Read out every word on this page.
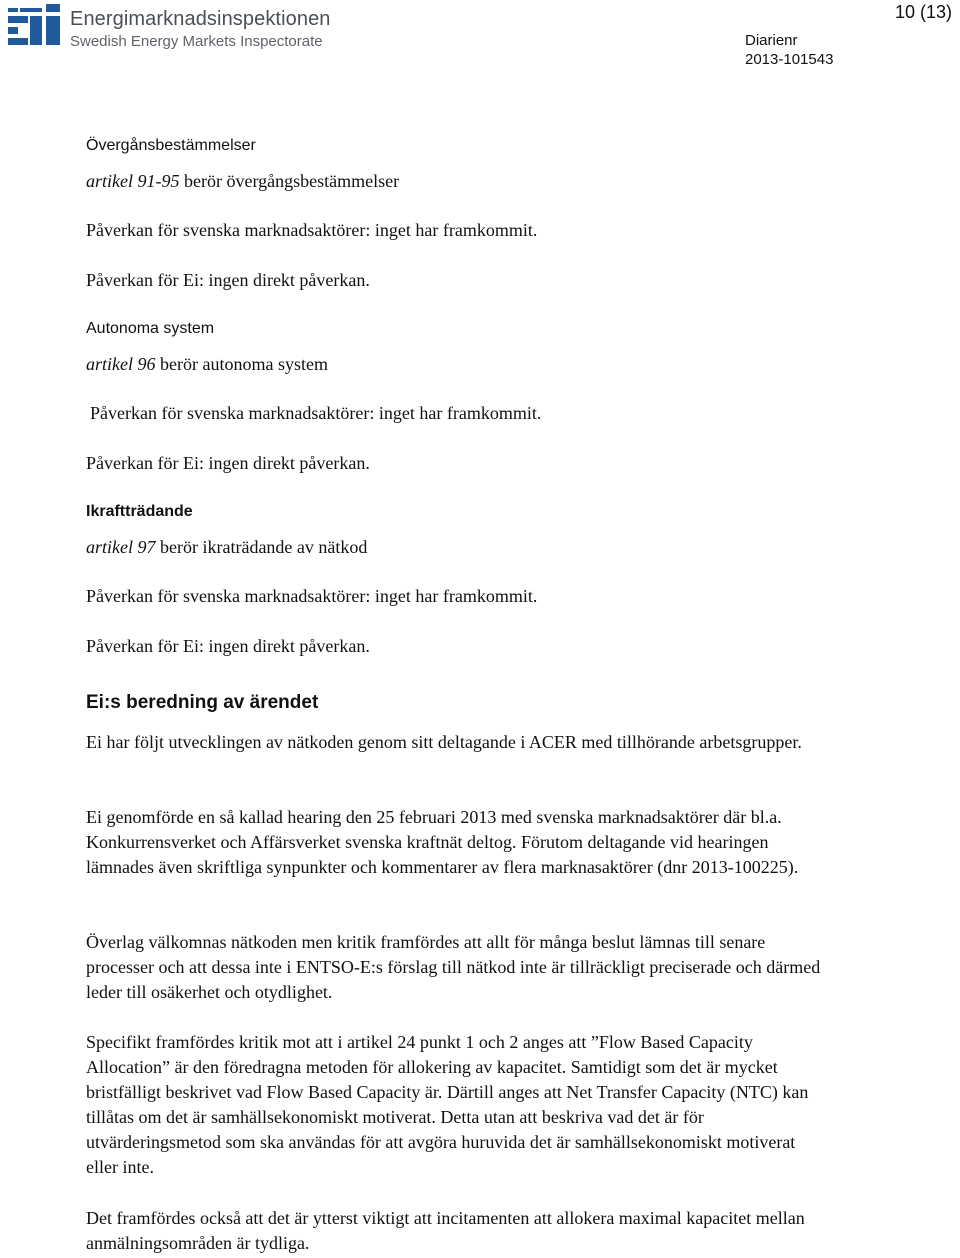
Energimarknadsinspektionen
Swedish Energy Markets Inspectorate
10 (13)
Diarienr
2013-101543
Övergånsbestämmelser
artikel 91-95 berör övergångsbestämmelser
Påverkan för svenska marknadsaktörer: inget har framkommit.
Påverkan för Ei: ingen direkt påverkan.
Autonoma system
artikel 96 berör autonoma system
Påverkan för svenska marknadsaktörer: inget har framkommit.
Påverkan för Ei: ingen direkt påverkan.
Ikraftträdande
artikel 97 berör ikraträdande av nätkod
Påverkan för svenska marknadsaktörer: inget har framkommit.
Påverkan för Ei: ingen direkt påverkan.
Ei:s beredning av ärendet
Ei har följt utvecklingen av nätkoden genom sitt deltagande i ACER med tillhörande arbetsgrupper.
Ei genomförde en så kallad hearing den 25 februari 2013 med svenska marknadsaktörer där bl.a. Konkurrensverket och Affärsverket svenska kraftnät deltog. Förutom deltagande vid hearingen lämnades även skriftliga synpunkter och kommentarer av flera marknasaktörer (dnr 2013-100225).
Överlag välkomnas nätkoden men kritik framfördes att allt för många beslut lämnas till senare processer och att dessa inte i ENTSO-E:s förslag till nätkod inte är tillräckligt preciserade och därmed leder till osäkerhet och otydlighet.
Specifikt framfördes kritik mot att i artikel 24 punkt 1 och 2 anges att ”Flow Based Capacity Allocation” är den föredragna metoden för allokering av kapacitet. Samtidigt som det är mycket bristfälligt beskrivet vad Flow Based Capacity är. Därtill anges att Net Transfer Capacity (NTC) kan tillåtas om det är samhällsekonomiskt motiverat. Detta utan att beskriva vad det är för utvärderingsmetod som ska användas för att avgöra huruvida det är samhällsekonomiskt motiverat eller inte.
Det framfördes också att det är ytterst viktigt att incitamenten att allokera maximal kapacitet mellan anmälningsområden är tydliga.
